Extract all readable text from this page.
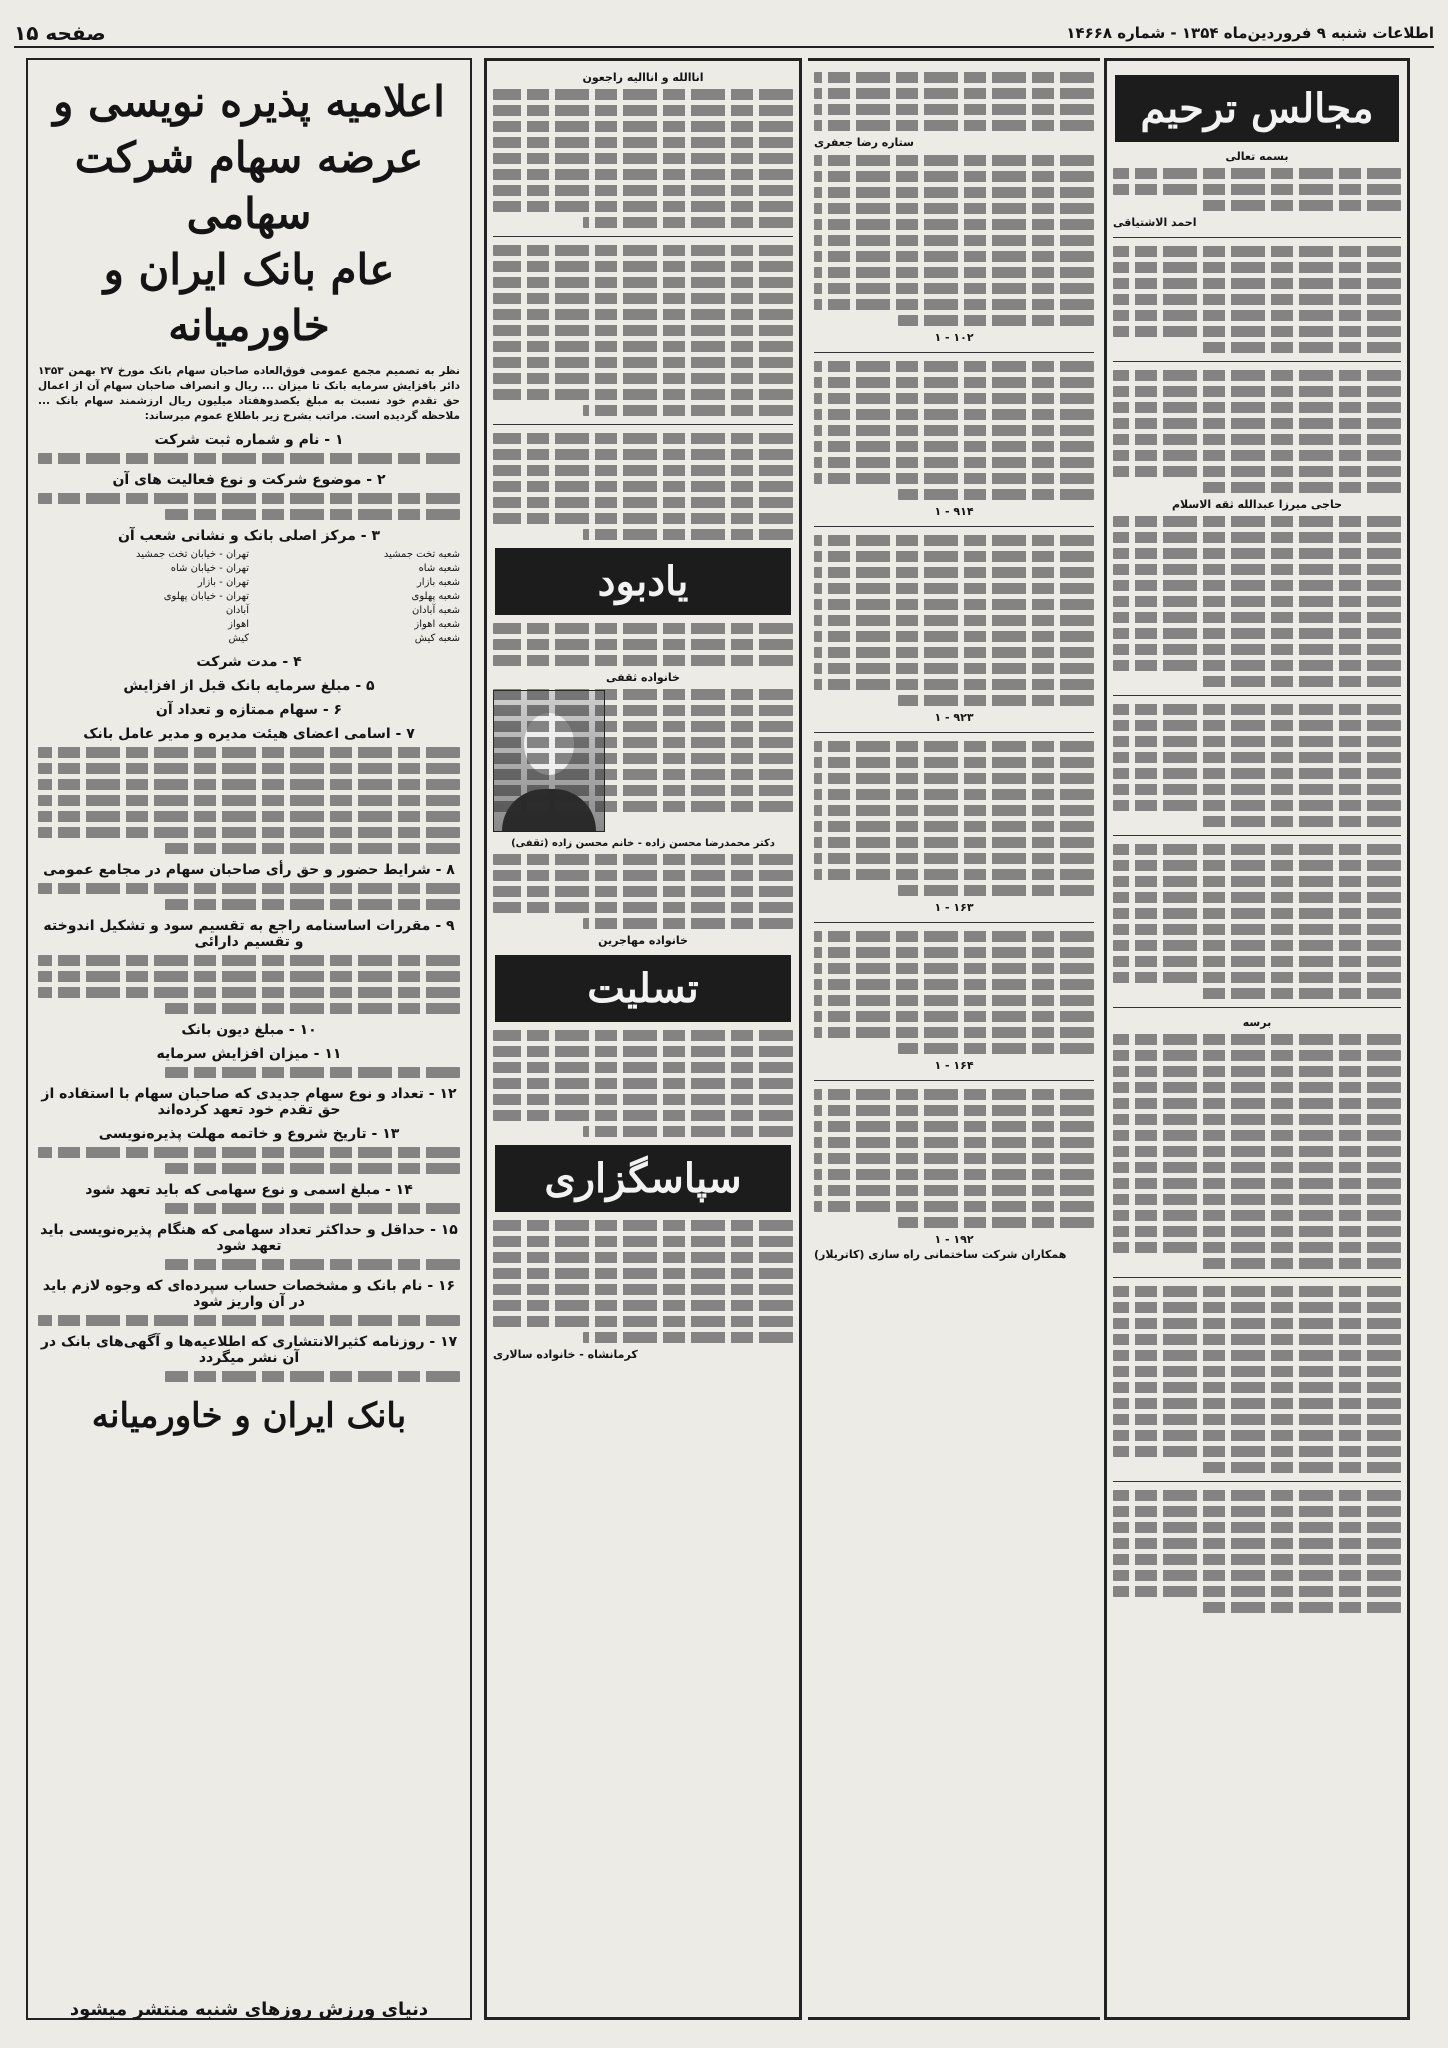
اطلاعات شنبه ۹ فروردین‌ماه ۱۳۵۴ - شماره ۱۴۶۶۸
صفحه ۱۵
مجالس ترحیم
بسمه تعالی
احمد الاشتیاقی
حاجی میرزا عبدالله ثقه الاسلام
برسه
ستاره رضا جعفری
۱۰۲ - ۱
۹۱۴ - ۱
۹۲۳ - ۱
۱۶۳ - ۱
۱۶۴ - ۱
۱۹۲ - ۱
همکاران شرکت ساختمانی راه سازی (کاتریلار)
اناالله و اناالیه راجعون
یادبود
خانواده ثقفی
دکتر محمدرضا محسن زاده - خانم محسن زاده (ثقفی)
خانواده مهاجرین
تسلیت
سپاسگزاری
کرمانشاه - خانواده سالاری
اعلامیه پذیره نویسی و
عرضه سهام شرکت سهامی
عام بانک ایران و خاورمیانه
نظر به تصمیم مجمع عمومی فوق‌العاده صاحبان سهام بانک مورخ ۲۷ بهمن ۱۳۵۳ دائر بافزایش سرمایه بانک تا میزان ... ریال و انصراف صاحبان سهام آن از اعمال حق تقدم خود نسبت به مبلغ یکصدوهفتاد میلیون ریال ارزشمند سهام بانک ... ملاحظه گردیده است. مراتب بشرح زیر باطلاع عموم میرساند:
۱ - نام و شماره ثبت شرکت
۲ - موضوع شرکت و نوع فعالیت های آن
۳ - مرکز اصلی بانک و نشانی شعب آن
شعبه تخت جمشید
تهران - خیابان تخت جمشید
شعبه شاه
تهران - خیابان شاه
شعبه بازار
تهران - بازار
شعبه پهلوی
تهران - خیابان پهلوی
شعبه آبادان
آبادان
شعبه اهواز
اهواز
شعبه کیش
کیش
۴ - مدت شرکت
۵ - مبلغ سرمایه بانک قبل از افزایش
۶ - سهام ممتازه و تعداد آن
۷ - اسامی اعضای هیئت مدیره و مدیر عامل بانک
۸ - شرایط حضور و حق رأی صاحبان سهام در مجامع عمومی
۹ - مقررات اساسنامه راجع به تقسیم سود و تشکیل اندوخته و تقسیم دارائی
۱۰ - مبلغ دیون بانک
۱۱ - میزان افزایش سرمایه
۱۲ - تعداد و نوع سهام جدیدی که صاحبان سهام با استفاده از حق تقدم خود تعهد کرده‌اند
۱۳ - تاریخ شروع و خاتمه مهلت پذیره‌نویسی
۱۴ - مبلغ اسمی و نوع سهامی که باید تعهد شود
۱۵ - حداقل و حداکثر تعداد سهامی که هنگام پذیره‌نویسی باید تعهد شود
۱۶ - نام بانک و مشخصات حساب سپرده‌ای که وجوه لازم باید در آن واریز شود
۱۷ - روزنامه کثیرالانتشاری که اطلاعیه‌ها و آگهی‌های بانک در آن نشر میگردد
بانک ایران و خاورمیانه
دنیای ورزش روزهای شنبه منتشر میشود
